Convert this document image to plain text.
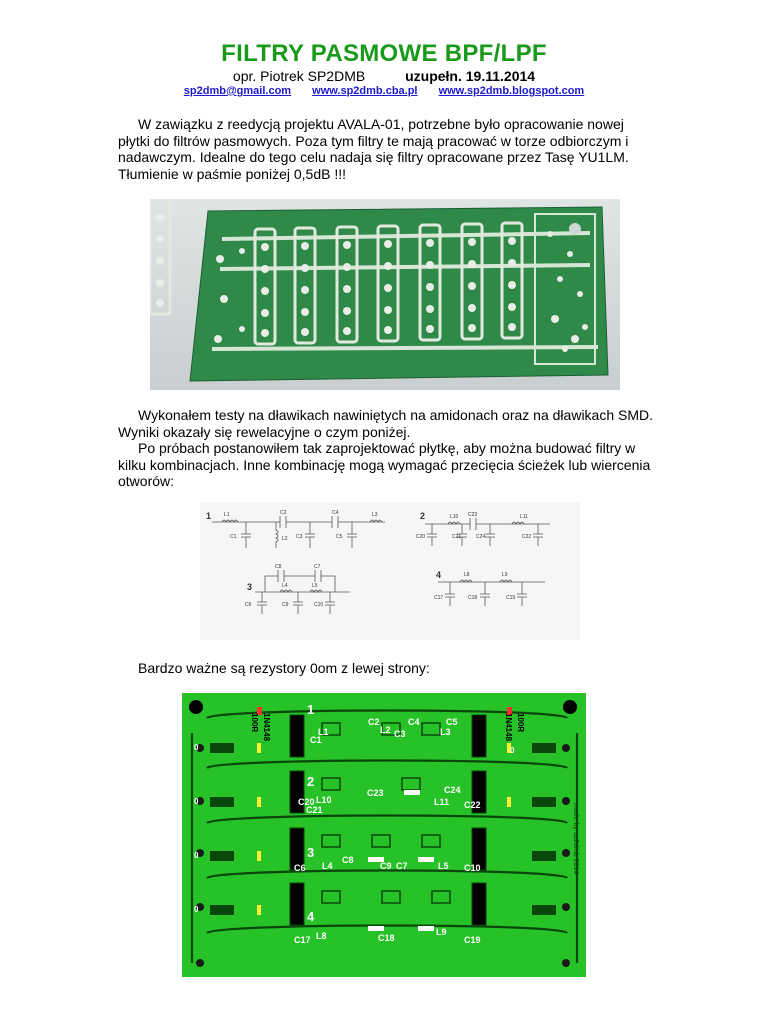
FILTRY PASMOWE BPF/LPF
opr. Piotrek SP2DMB	uzupełn. 19.11.2014
sp2dmb@gmail.com www.sp2dmb.cba.pl www.sp2dmb.blogspot.com

W zawiązku z reedycją projektu AVALA-01, potrzebne było opracowanie nowej płytki do filtrów pasmowych. Poza tym filtry te mają pracować w torze odbiorczym i nadawczym. Idealne do tego celu nadaja się filtry opracowane przez Tasę YU1LM. Tłumienie w paśmie poniżej 0,5dB !!!

Wykonałem testy na dławikach nawiniętych na amidonach oraz na dławikach SMD. Wyniki okazały się rewelacyjne o czym poniżej.

Po próbach postanowiłem tak zaprojektować płytkę, aby można budować filtry w kilku kombinacjach. Inne kombinację mogą wymagać przecięcia ścieżek lub wiercenia otworów:

1	L1	C2	C4	L3
C1	L2 C3	C5
2	L10 C23	L11
C20	C21	C24	C22
3
C8	C7
L4	L5
C6	C9	C10
4	L8	L9
C17	C18	C19

Bardzo ważne są rezystory 0om z lewej strony:

1
2
3
4
L1
C1
C2
L2 C3
C4	C5
L3
C20 L10
C21
C23
L11
C24
C22
C6 L4
C8
C9 C7	L5 C10
C17 L8	C18
L9
C19
100R 1N4148	1N4148 100R
0
0
0
0
0
made by sp2dmb 2014
